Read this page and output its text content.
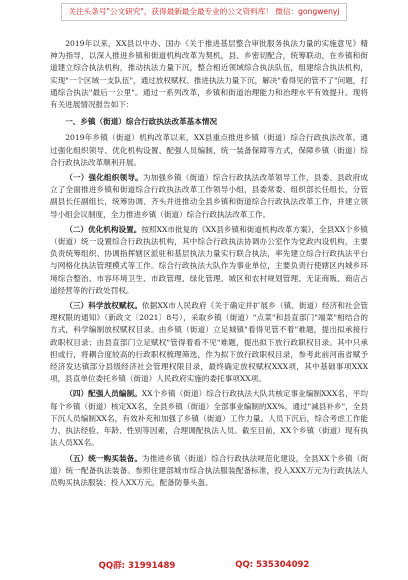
关注头条号"公文研究"，获得最新最全最专业的公文资料库！ 微信：gongwenyj

2019年以来，XX县以中办、国办《关于推进基层整合审批服务执法力量的实施意见》精神为指导，以深入推进乡镇和街道机构改革为契机，县、乡密切配合，统筹联动，在乡镇和街道建立综合执法机构，推动执法力量下沉，整合相近领域综合执法队伍，组建综合执法机构，实现"一个区域一支队伍"，通过放权赋权、推进执法力量下沉，解决"看得见的管不了"问题，打通综合执法"最后一公里"。通过一系列改革，乡镇和街道治理能力和治理水平有效提升。现将有关进展情况报告如下：

一、乡镇（街道）综合行政执法改革基本情况

2019年乡镇（街道）机构改革以来，XX县重点推进乡镇（街道）综合行政执法改革。通过强化组织领导、优化机构设置、配强人员编制、统一装备保障等方式，保障乡镇（街道）综合行政执法改革顺利开展。

（一）强化组织领导。为加强乡镇（街道）综合行政执法改革领导工作，县委、县政府成立了全面推进乡镇和街道综合行政执法改革工作领导小组，县委常委、组织部长任组长，分管副县长任副组长，统筹协调、齐头并进推动全县乡镇和街道综合行政执法改革工作，并建立领导小组会议制度，全力推进乡镇（街道）综合行政执法改革工作。

（二）优化机构设置。按照XX市批复的《XX县乡镇和街道机构改革方案》，全县XX个乡镇（街道）统一设置综合行政执法机构，其中综合行政执法协调办公室作为党政内设机构，主要负责统筹组织、协调指挥辖区派驻和基层执法力量实行联合执法，率先建立综合行政执法平台与网格化执法管理模式等工作。综合行政执法大队作为事业单位，主要负责行使辖区内城乡环境综合整治、市容环境卫生、市政管理、绿化管理、城区和农村规划管理、无证商贩、商店占道经营等的行政处罚权。

（三）科学放权赋权。依据XX市人民政府《关于确定并扩展乡（镇、街道）经济和社会管理权限的通知》（新政文〔2021〕8号），采取乡镇（街道）"点菜"和县直部门"端菜"相结合的方式，科学编制放权赋权目录。由乡镇（街道）立足城镇"看得见管不着"难题，提出拟承接行政职权目录；由县直部门立足赋权"管得着看不见"难题，提出拟下放行政职权目录。其中只承担或行，将耦合度较高的行政职权梳理筛选，作为拟下放行政职权目录，参考此前河南省赋予经济发达镇部分县级经济社会管理权限目录，最终确定放权赋权XXX项，其中基础事项XXX项，县直单位委托乡镇（街道）人民政府实施的委托事项XX项。

（四）配强人员编制。XX个乡镇（街道）综合行政执法大队共核定事业编制XXX名，平均每个乡镇（街道）核定XX名，全县乡镇（街道）全部事业编制的XX%。通过"减县补乡"，全县下沉人员编制XX名，有效补充和加强了乡镇（街道）工作力量。人员下沉后，综合考虑工作能力、执法经验、年龄、性别等因素，合理调配执法人员。截至目前，XX个乡镇（街道）现有执法人员XX名。

（五）统一购买装备。为推进乡镇（街道）综合行政执法规范化建设，全县XX个乡镇（街道）统一配备执法装备。参照住建部城市综合执法服装配备标准，投入XXX万元为行政执法人员购买执法服装；投入XX万元，配备防暴头盔、

QQ群: 31991489	QQ: 535304092
